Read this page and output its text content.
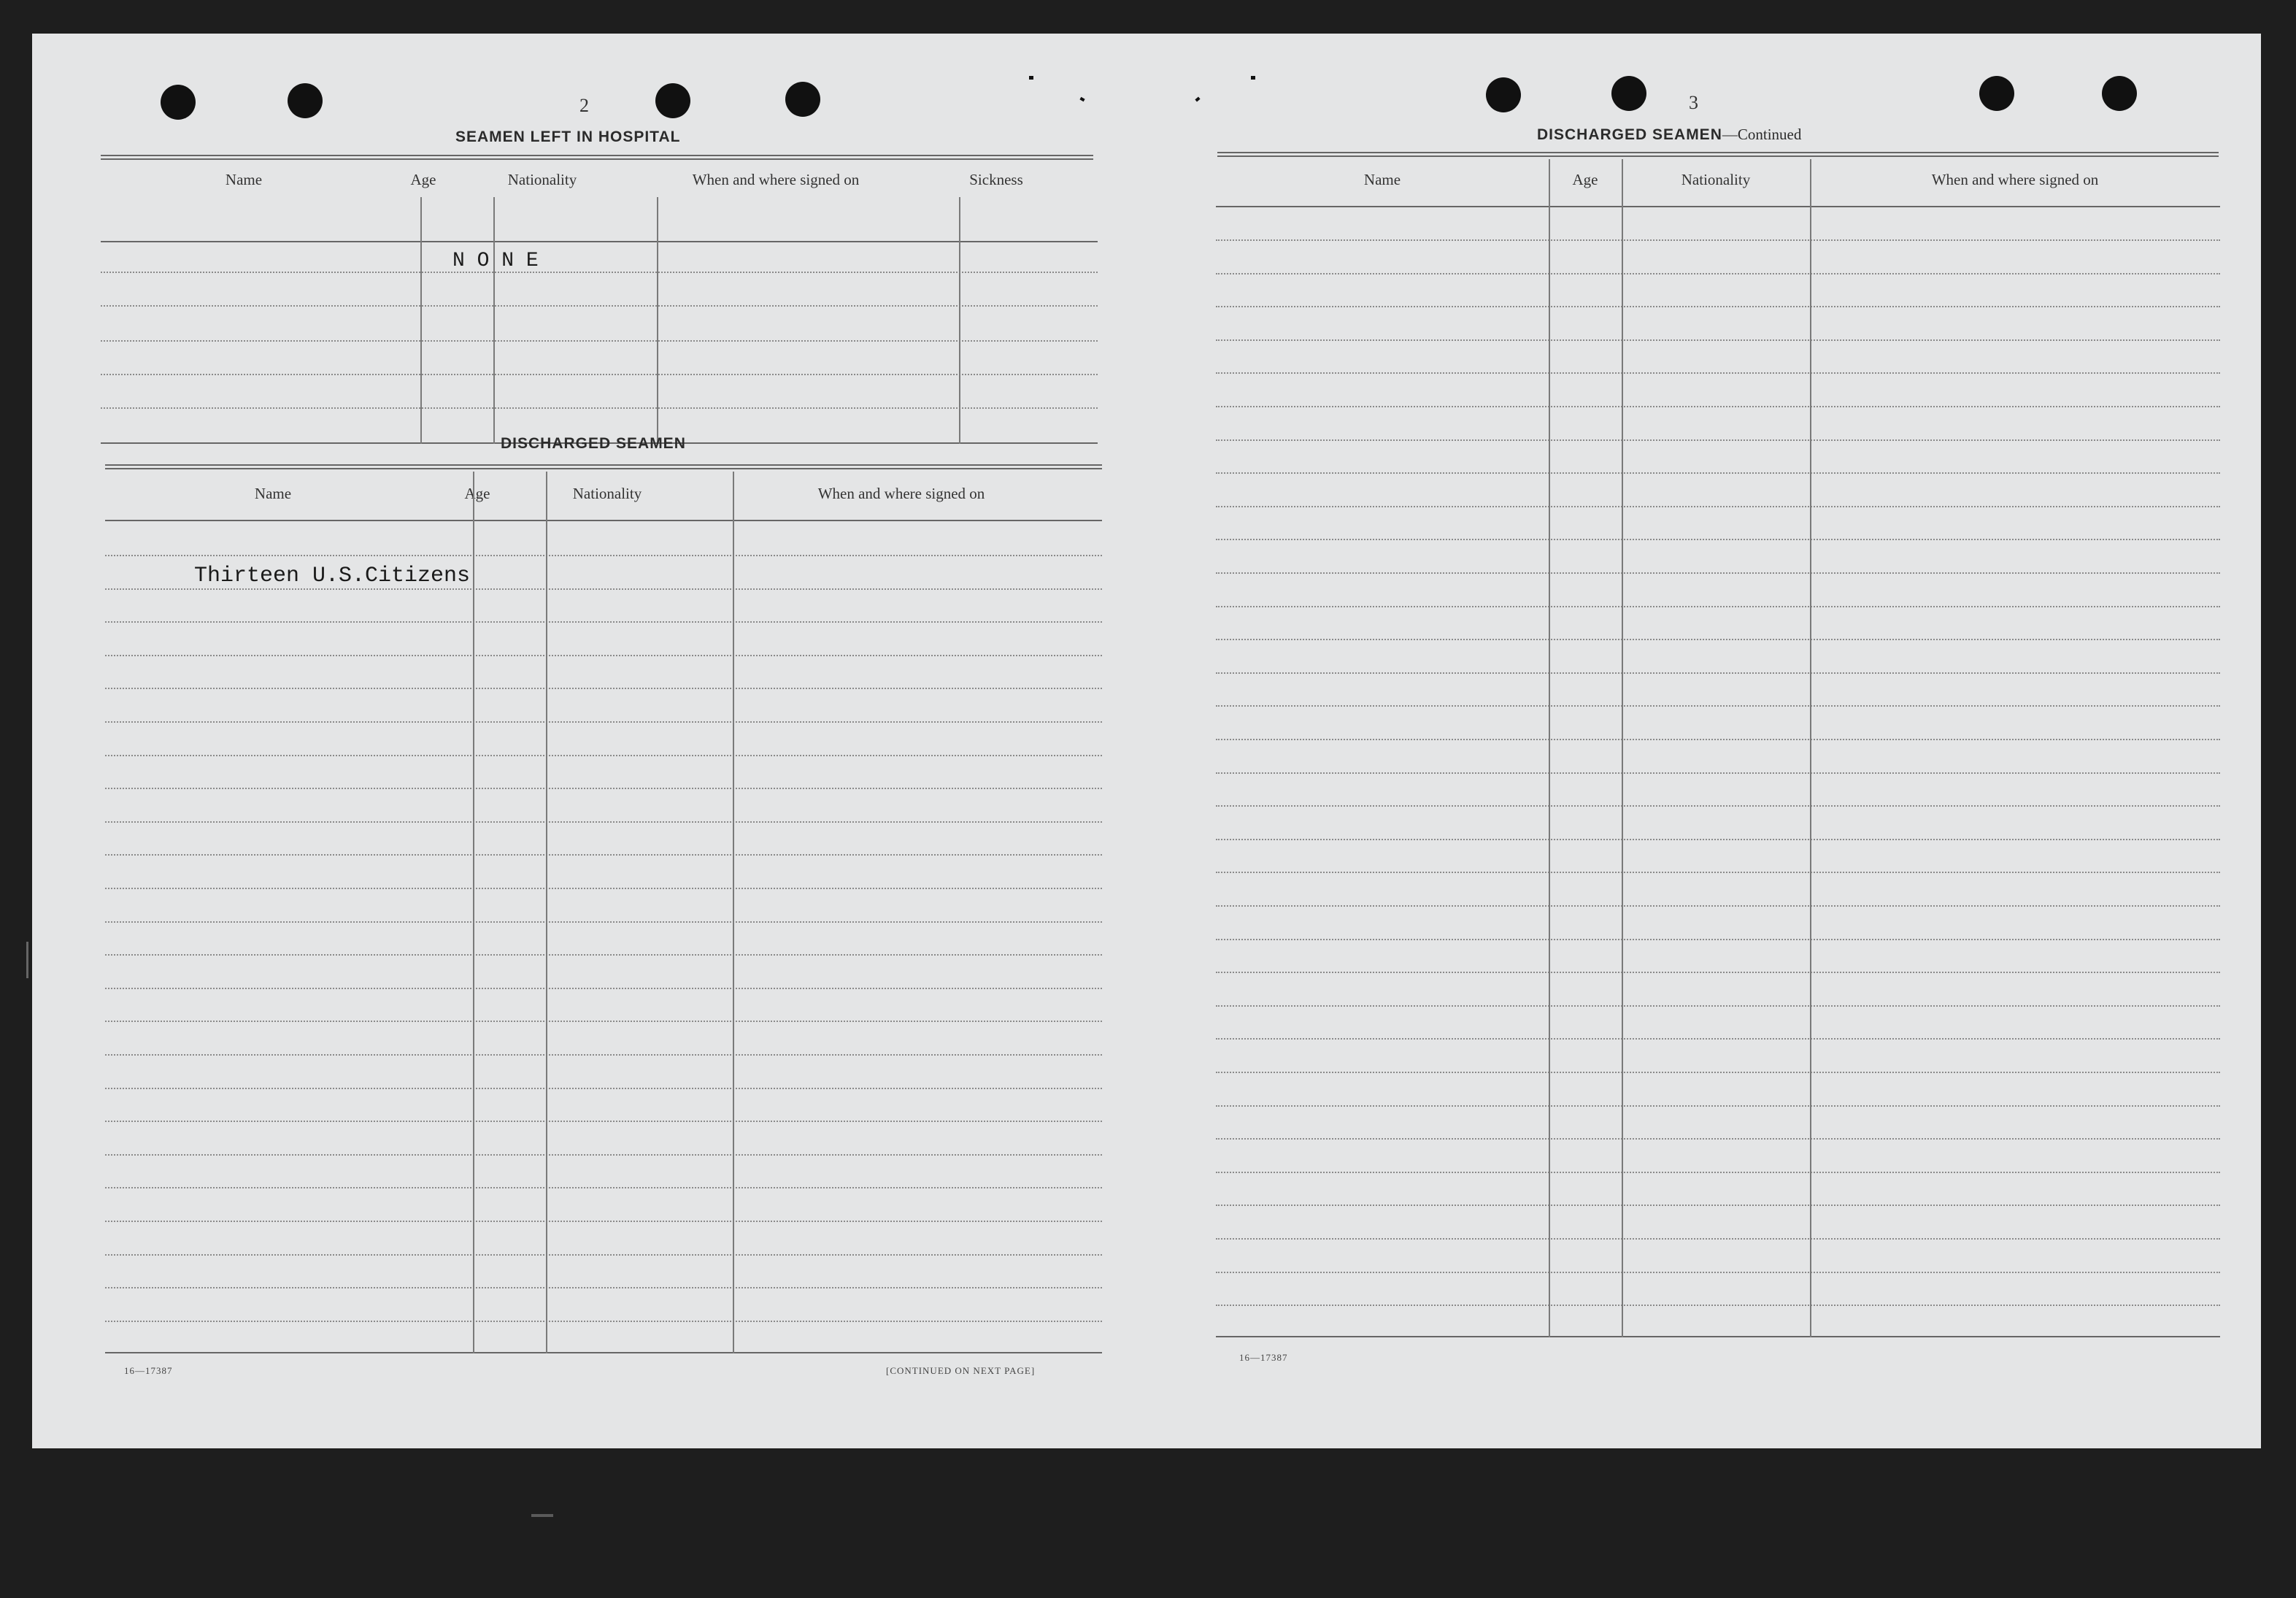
2
SEAMEN LEFT IN HOSPITAL
Name	Age	Nationality	When and where signed on	Sickness
N O N E
DISCHARGED SEAMEN
Name	Age	Nationality	When and where signed on
Thirteen U.S.Citizens
16—17387	[CONTINUED ON NEXT PAGE]
3
DISCHARGED SEAMEN—Continued
Name	Age	Nationality	When and where signed on
16—17387
